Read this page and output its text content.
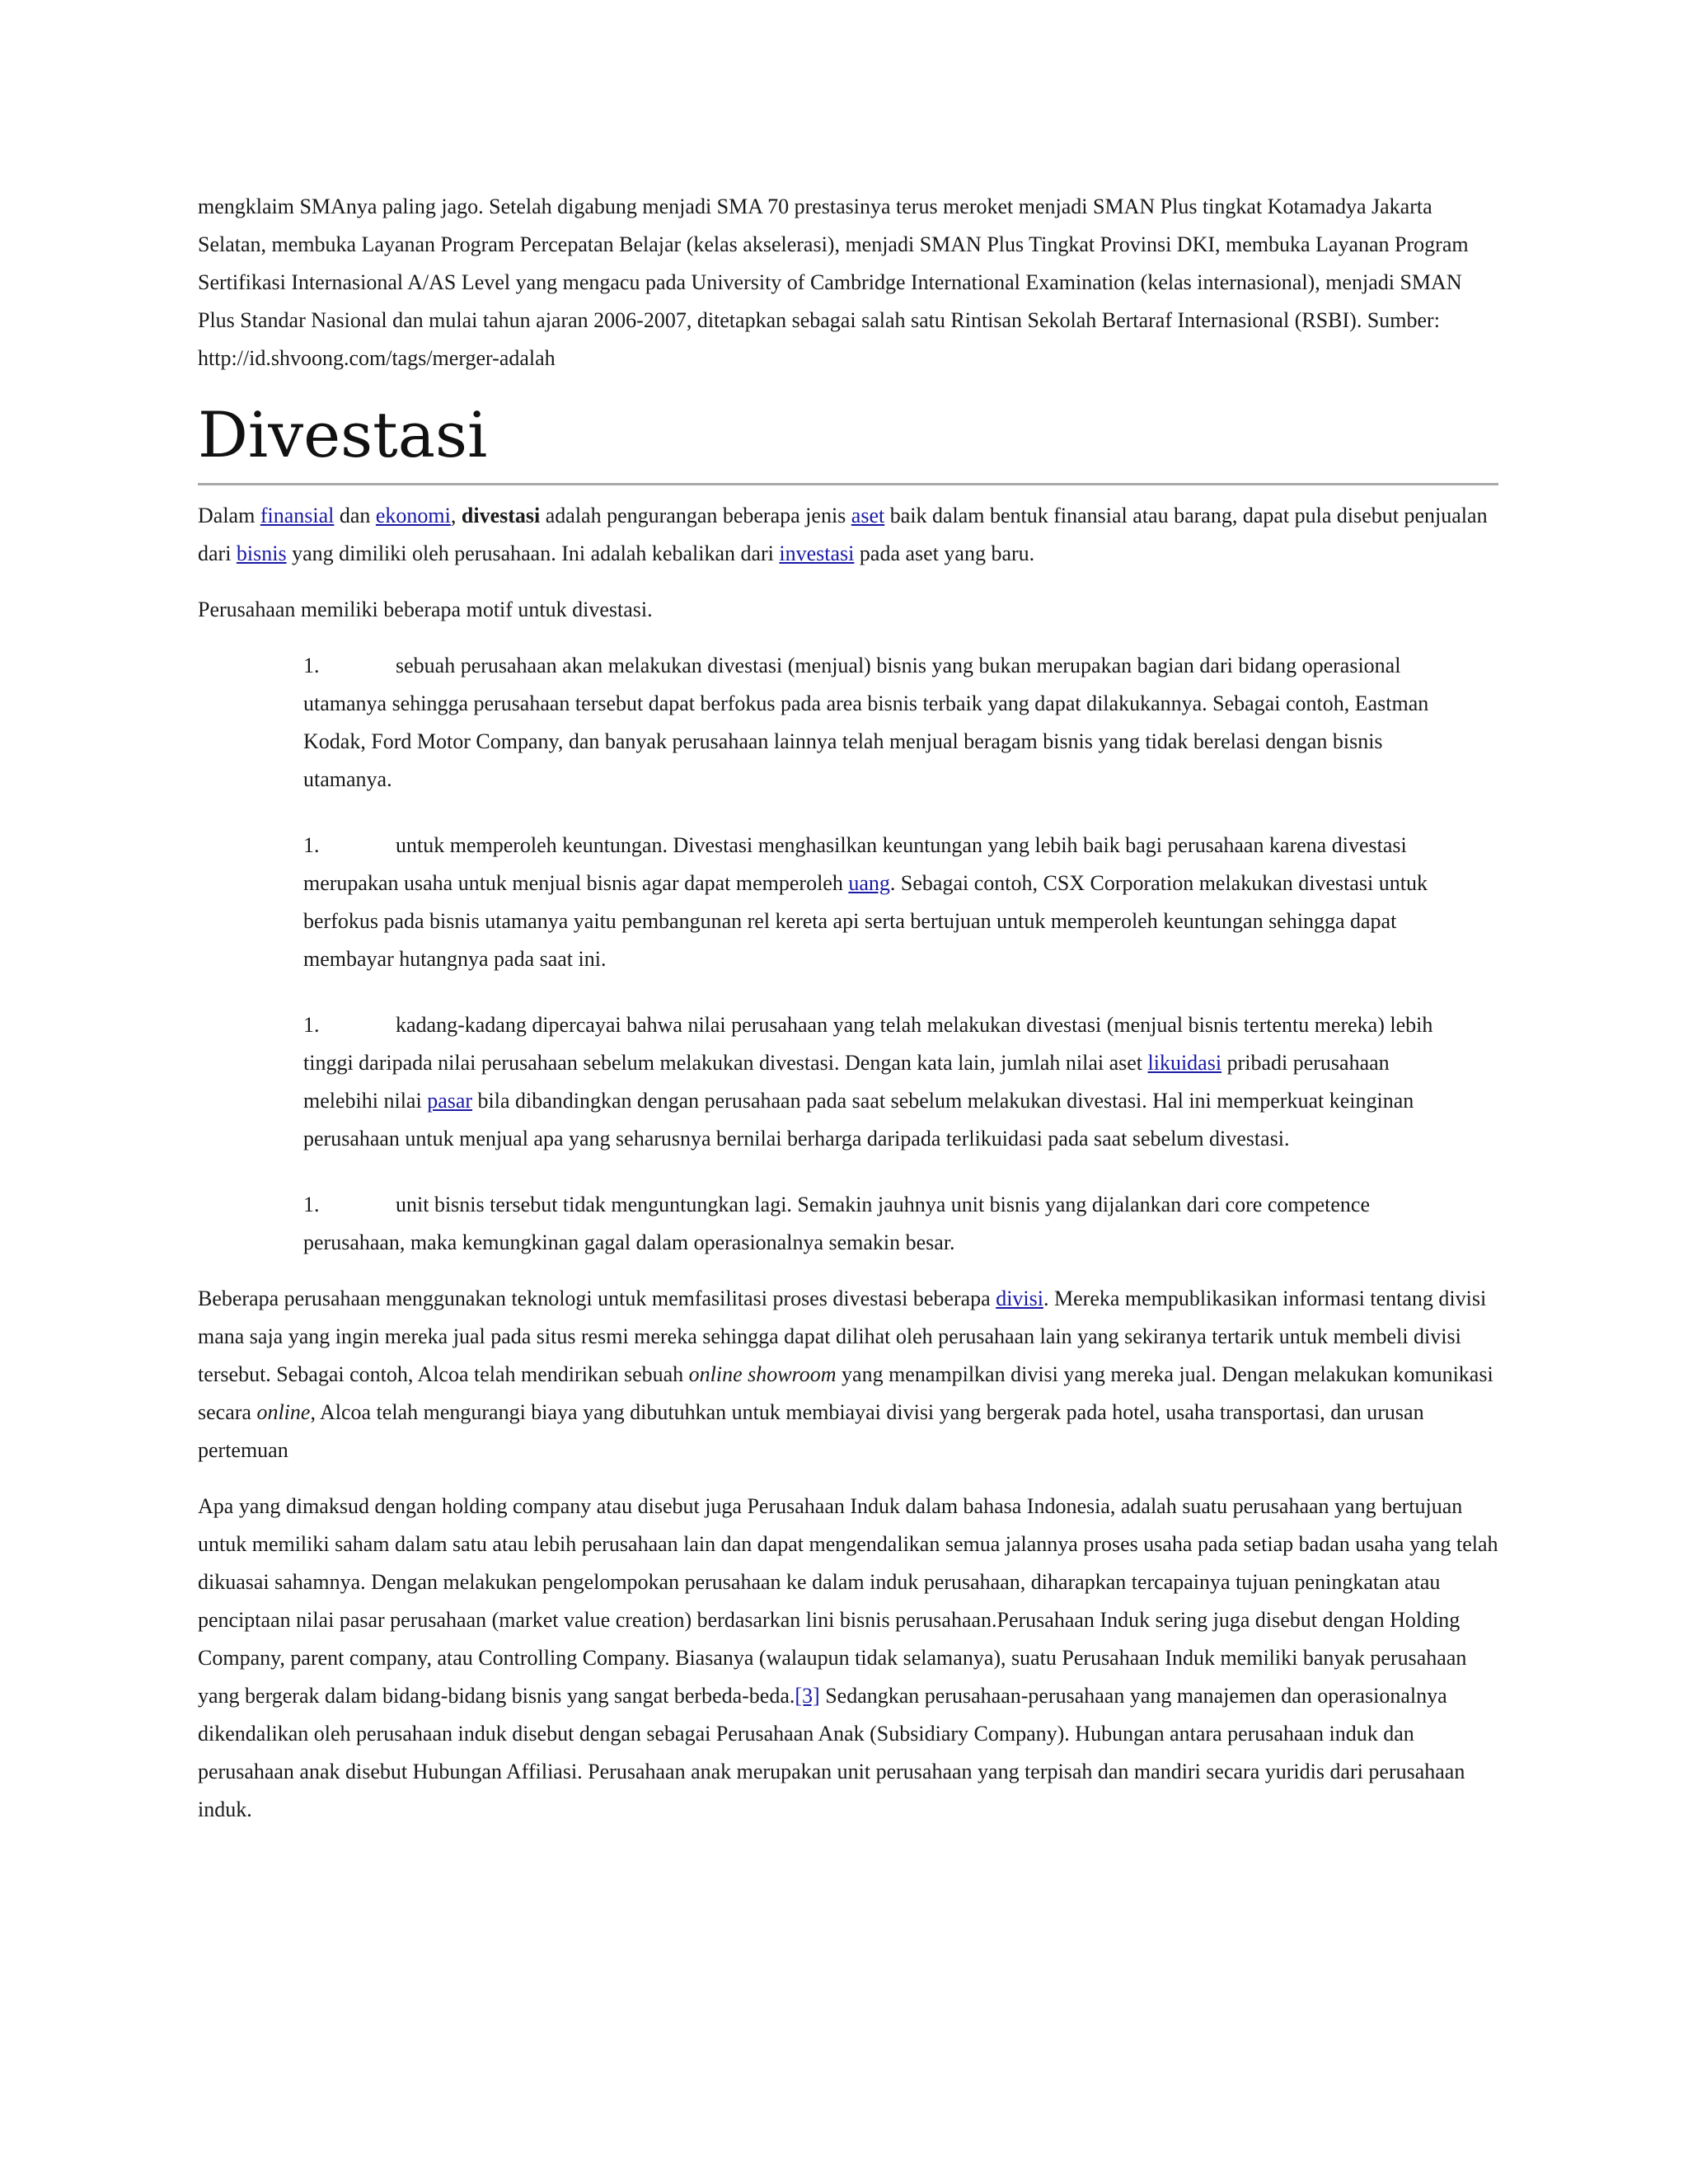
mengklaim SMAnya paling jago. Setelah digabung menjadi SMA 70 prestasinya terus meroket menjadi SMAN Plus tingkat Kotamadya Jakarta Selatan, membuka Layanan Program Percepatan Belajar (kelas akselerasi), menjadi SMAN Plus Tingkat Provinsi DKI, membuka Layanan Program Sertifikasi Internasional A/AS Level yang mengacu pada University of Cambridge International Examination (kelas internasional), menjadi SMAN Plus Standar Nasional dan mulai tahun ajaran 2006-2007, ditetapkan sebagai salah satu Rintisan Sekolah Bertaraf Internasional (RSBI). Sumber: http://id.shvoong.com/tags/merger-adalah

Divestasi

Dalam finansial dan ekonomi, divestasi adalah pengurangan beberapa jenis aset baik dalam bentuk finansial atau barang, dapat pula disebut penjualan dari bisnis yang dimiliki oleh perusahaan. Ini adalah kebalikan dari investasi pada aset yang baru.

Perusahaan memiliki beberapa motif untuk divestasi.

1.	sebuah perusahaan akan melakukan divestasi (menjual) bisnis yang bukan merupakan bagian dari bidang operasional utamanya sehingga perusahaan tersebut dapat berfokus pada area bisnis terbaik yang dapat dilakukannya. Sebagai contoh, Eastman Kodak, Ford Motor Company, dan banyak perusahaan lainnya telah menjual beragam bisnis yang tidak berelasi dengan bisnis utamanya.

1.	untuk memperoleh keuntungan. Divestasi menghasilkan keuntungan yang lebih baik bagi perusahaan karena divestasi merupakan usaha untuk menjual bisnis agar dapat memperoleh uang. Sebagai contoh, CSX Corporation melakukan divestasi untuk berfokus pada bisnis utamanya yaitu pembangunan rel kereta api serta bertujuan untuk memperoleh keuntungan sehingga dapat membayar hutangnya pada saat ini.

1.	kadang-kadang dipercayai bahwa nilai perusahaan yang telah melakukan divestasi (menjual bisnis tertentu mereka) lebih tinggi daripada nilai perusahaan sebelum melakukan divestasi. Dengan kata lain, jumlah nilai aset likuidasi pribadi perusahaan melebihi nilai pasar bila dibandingkan dengan perusahaan pada saat sebelum melakukan divestasi. Hal ini memperkuat keinginan perusahaan untuk menjual apa yang seharusnya bernilai berharga daripada terlikuidasi pada saat sebelum divestasi.

1.	unit bisnis tersebut tidak menguntungkan lagi. Semakin jauhnya unit bisnis yang dijalankan dari core competence perusahaan, maka kemungkinan gagal dalam operasionalnya semakin besar.

Beberapa perusahaan menggunakan teknologi untuk memfasilitasi proses divestasi beberapa divisi. Mereka mempublikasikan informasi tentang divisi mana saja yang ingin mereka jual pada situs resmi mereka sehingga dapat dilihat oleh perusahaan lain yang sekiranya tertarik untuk membeli divisi tersebut. Sebagai contoh, Alcoa telah mendirikan sebuah online showroom yang menampilkan divisi yang mereka jual. Dengan melakukan komunikasi secara online, Alcoa telah mengurangi biaya yang dibutuhkan untuk membiayai divisi yang bergerak pada hotel, usaha transportasi, dan urusan pertemuan

Apa yang dimaksud dengan holding company atau disebut juga Perusahaan Induk dalam bahasa Indonesia, adalah suatu perusahaan yang bertujuan untuk memiliki saham dalam satu atau lebih perusahaan lain dan dapat mengendalikan semua jalannya proses usaha pada setiap badan usaha yang telah dikuasai sahamnya. Dengan melakukan pengelompokan perusahaan ke dalam induk perusahaan, diharapkan tercapainya tujuan peningkatan atau penciptaan nilai pasar perusahaan (market value creation) berdasarkan lini bisnis perusahaan.Perusahaan Induk sering juga disebut dengan Holding Company, parent company, atau Controlling Company. Biasanya (walaupun tidak selamanya), suatu Perusahaan Induk memiliki banyak perusahaan yang bergerak dalam bidang-bidang bisnis yang sangat berbeda-beda.[3] Sedangkan perusahaan-perusahaan yang manajemen dan operasionalnya dikendalikan oleh perusahaan induk disebut dengan sebagai Perusahaan Anak (Subsidiary Company). Hubungan antara perusahaan induk dan perusahaan anak disebut Hubungan Affiliasi. Perusahaan anak merupakan unit perusahaan yang terpisah dan mandiri secara yuridis dari perusahaan induk.
